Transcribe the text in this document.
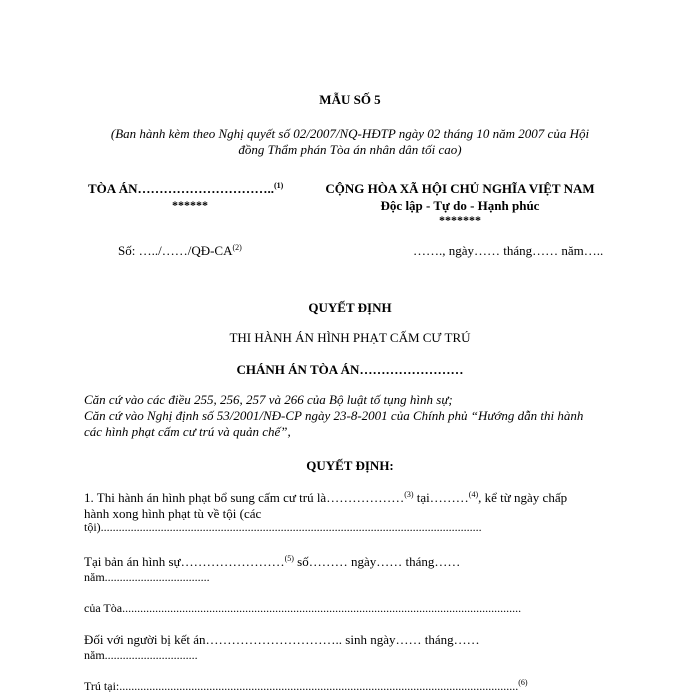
MẪU SỐ 5
(Ban hành kèm theo Nghị quyết số 02/2007/NQ-HĐTP ngày 02 tháng 10 năm 2007 của Hội
đồng Thẩm phán Tòa án nhân dân tối cao)
TÒA ÁN…………………………..$^{(1)}$
******
CỘNG HÒA XÃ HỘI CHỦ NGHĨA VIỆT NAM
Độc lập - Tự do - Hạnh phúc
*******
Số: …../……/QĐ-CA$^{(2)}$	……., ngày…… tháng…… năm…..
QUYẾT ĐỊNH
THI HÀNH ÁN HÌNH PHẠT CẤM CƯ TRÚ
CHÁNH ÁN TÒA ÁN……………………
Căn cứ vào các điều 255, 256, 257 và 266 của Bộ luật tố tụng hình sự;
Căn cứ vào Nghị định số 53/2001/NĐ-CP ngày 23-8-2001 của Chính phủ “Hướng dẫn thi hành
các hình phạt cấm cư trú và quản chế”,
QUYẾT ĐỊNH:
1. Thi hành án hình phạt bổ sung cấm cư trú là………………$^{(3)}$ tại………$^{(4)}$, kể từ ngày chấp
hành xong hình phạt tù về tội (các
tội)...............................................................................................................................
Tại bản án hình sự……………………$^{(5)}$ số……… ngày…… tháng……
năm...................................
của Tòa.....................................................................................................................................
Đối với người bị kết án………………………….. sinh ngày…… tháng……
năm...............................
Trú tại:.....................................................................................................................................$^{(6)}$
